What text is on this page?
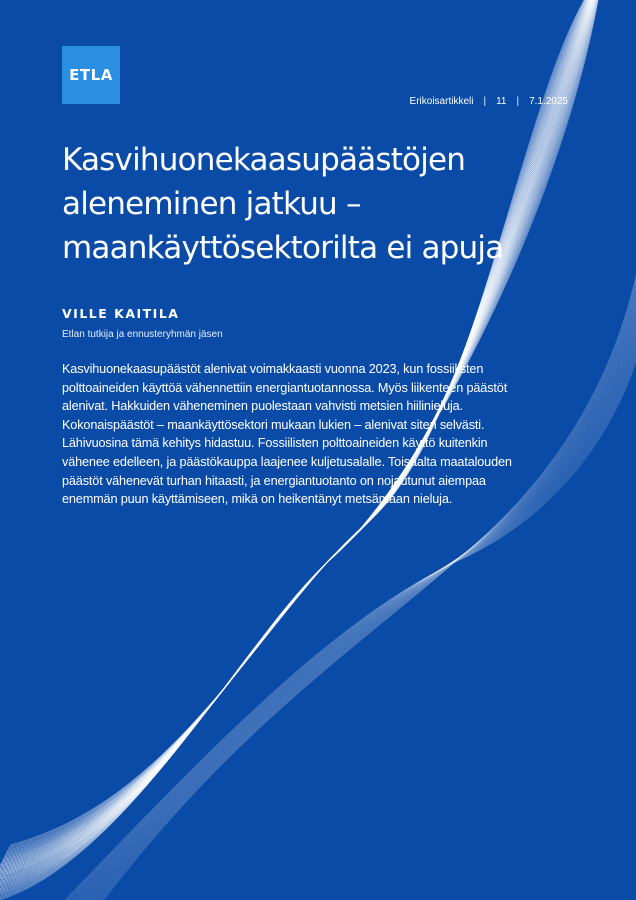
ETLA
Erikoisartikkeli | 11 | 7.1.2025
Kasvihuonekaasupäästöjen aleneminen jatkuu – maankäyttösektorilta ei apuja
VILLE KAITILA
Etlan tutkija ja ennusteryhmän jäsen

Kasvihuonekaasupäästöt alenivat voimakkaasti vuonna 2023, kun fossiilisten polttoaineiden käyttöä vähennettiin energiantuotannossa. Myös liikenteen päästöt alenivat. Hakkuiden väheneminen puolestaan vahvisti metsien hiilinieluja. Kokonaispäästöt – maankäyttösektori mukaan lukien – alenivat siten selvästi. Lähivuosina tämä kehitys hidastuu. Fossiilisten polttoaineiden käyttö kuitenkin vähenee edelleen, ja päästökauppa laajenee kuljetusalalle. Toisaalta maatalouden päästöt vähenevät turhan hitaasti, ja energiantuotanto on nojautunut aiempaa enemmän puun käyttämiseen, mikä on heikentänyt metsämaan nieluja.
